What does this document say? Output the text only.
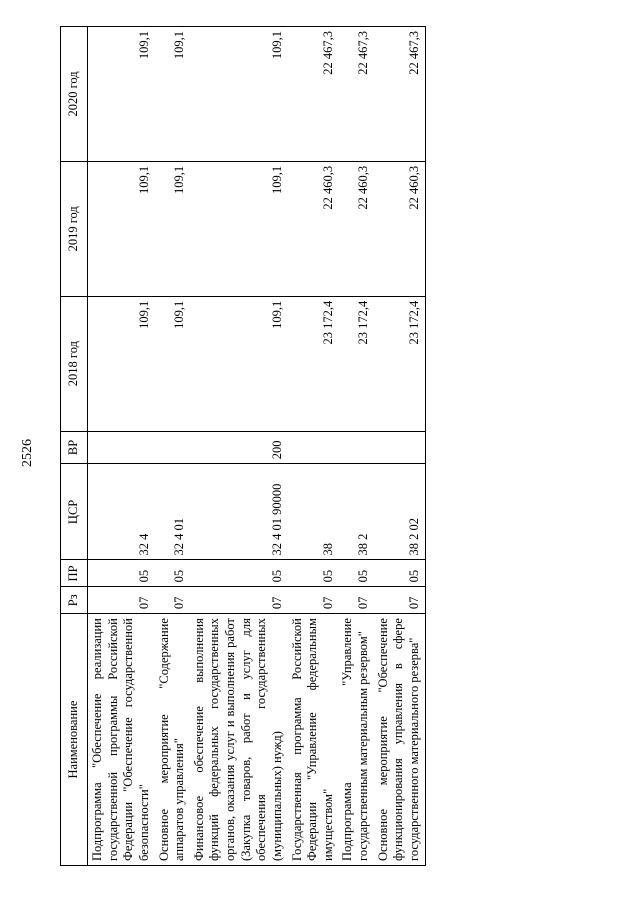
2526
Наименование	Рз	ПР	ЦСР	ВР	2018 год	2019 год	2020 год
Подпрограмма "Обеспечение реализации государственной программы Российской Федерации "Обеспечение государственной безопасности"	07	05	32 4		109,1	109,1	109,1
Основное мероприятие "Содержание аппаратов управления"	07	05	32 4 01		109,1	109,1	109,1
Финансовое обеспечение выполнения функций федеральных государственных органов, оказания услуг и выполнения работ (Закупка товаров, работ и услуг для обеспечения государственных (муниципальных) нужд)	07	05	32 4 01 90000	200	109,1	109,1	109,1
Государственная программа Российской Федерации "Управление федеральным имуществом"	07	05	38		23 172,4	22 460,3	22 467,3
Подпрограмма "Управление государственным материальным резервом"	07	05	38 2		23 172,4	22 460,3	22 467,3
Основное мероприятие "Обеспечение функционирования управления в сфере государственного материального резерва"	07	05	38 2 02		23 172,4	22 460,3	22 467,3
